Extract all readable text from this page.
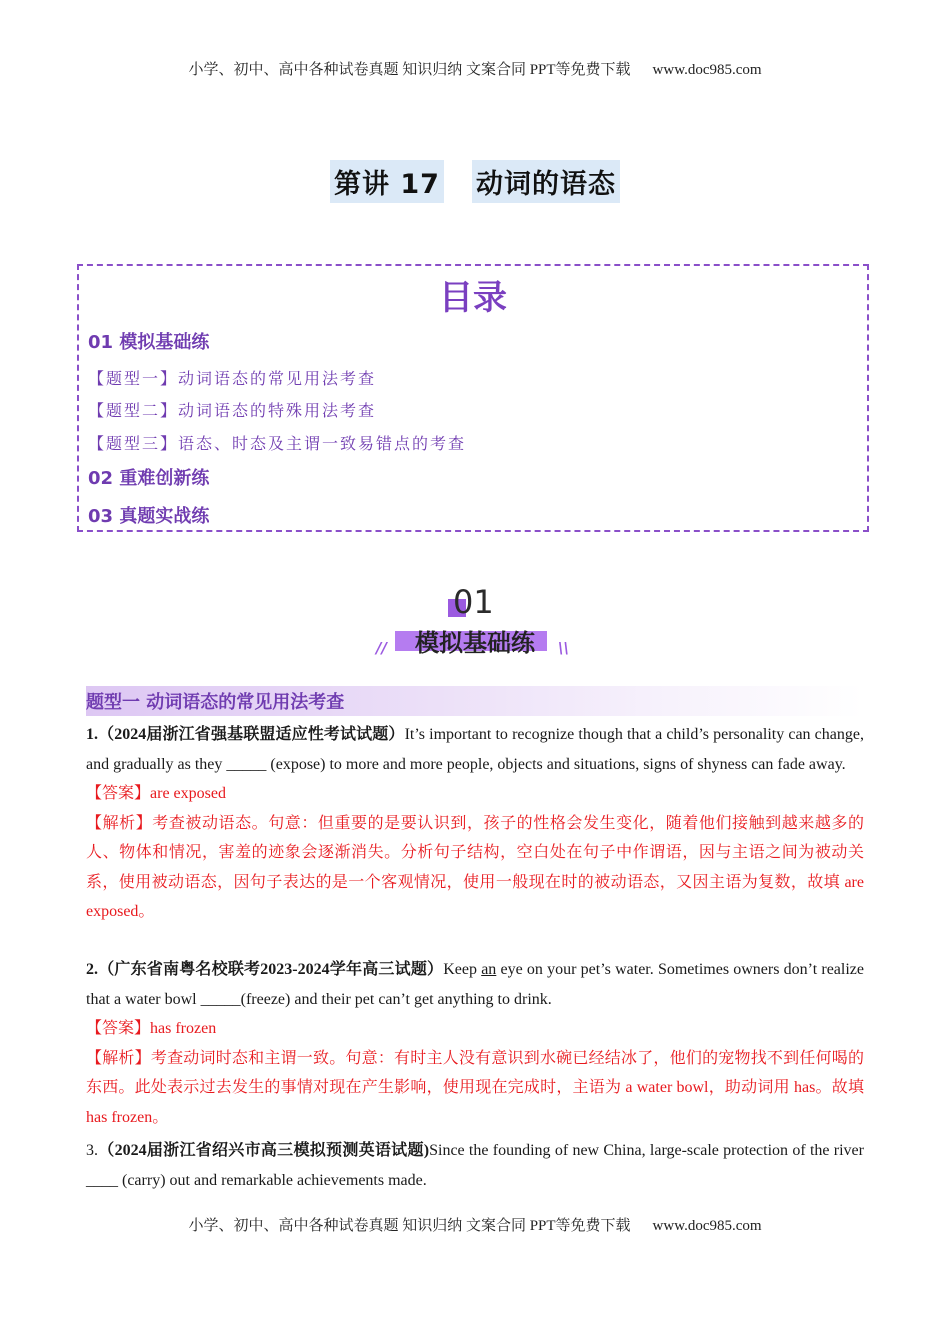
小学、初中、高中各种试卷真题 知识归纳 文案合同 PPT等免费下载 www.doc985.com
第讲 17 动词的语态
目录
01 模拟基础练
【题型一】动词语态的常见用法考查
【题型二】动词语态的特殊用法考查
【题型三】语态、时态及主谓一致易错点的考查
02 重难创新练
03 真题实战练
01
//	模拟基础练	\\
题型一 动词语态的常见用法考查

1.（2024届浙江省强基联盟适应性考试试题）It’s important to recognize though that a child’s personality can change, and gradually as they _____ (expose) to more and more people, objects and situations, signs of shyness can fade away.

【答案】are exposed

【解析】考查被动语态。句意：但重要的是要认识到，孩子的性格会发生变化，随着他们接触到越来越多的人、物体和情况，害羞的迹象会逐渐消失。分析句子结构，空白处在句子中作谓语，因与主语之间为被动关系，使用被动语态，因句子表达的是一个客观情况，使用一般现在时的被动语态，又因主语为复数，故填 are exposed。

2.（广东省南粤名校联考2023-2024学年高三试题）Keep an eye on your pet’s water. Sometimes owners don’t realize that a water bowl _____(freeze) and their pet can’t get anything to drink.

【答案】has frozen

【解析】考查动词时态和主谓一致。句意：有时主人没有意识到水碗已经结冰了，他们的宠物找不到任何喝的东西。此处表示过去发生的事情对现在产生影响，使用现在完成时，主语为 a water bowl，助动词用 has。故填 has frozen。

3.（2024届浙江省绍兴市高三模拟预测英语试题)Since the founding of new China, large-scale protection of the river ____ (carry) out and remarkable achievements made.

小学、初中、高中各种试卷真题 知识归纳 文案合同 PPT等免费下载 www.doc985.com
